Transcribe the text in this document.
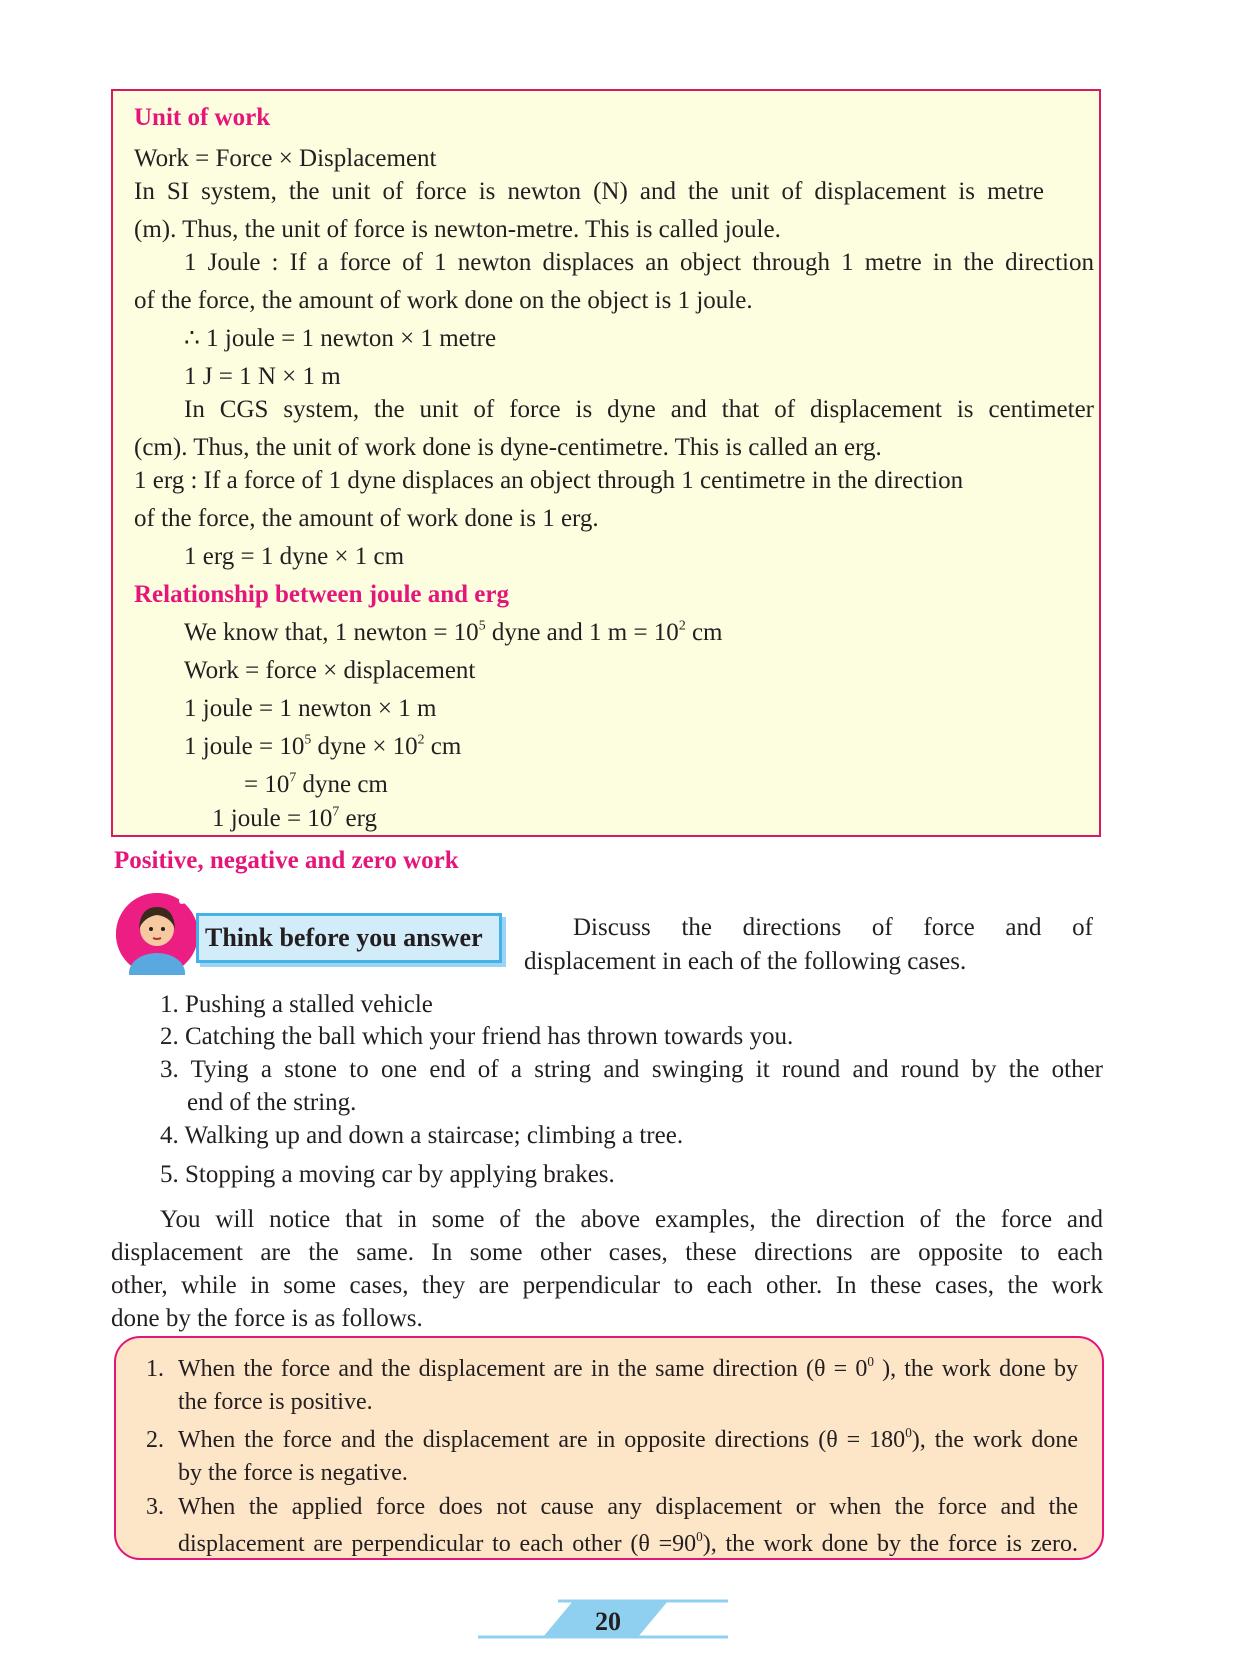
Unit of work
Work = Force × Displacement
In SI system, the unit of force is newton (N) and the unit of displacement is metre
(m). Thus, the unit of force is newton-metre. This is called joule.
1 Joule : If a force of 1 newton displaces an object through 1 metre in the direction
of the force, the amount of work done on the object is 1 joule.
∴ 1 joule = 1 newton × 1 metre
1 J = 1 N × 1 m
In CGS system, the unit of force is dyne and that of displacement is centimeter
(cm). Thus, the unit of work done is dyne-centimetre. This is called an erg.
1 erg : If a force of 1 dyne displaces an object through 1 centimetre in the direction
of the force, the amount of work done is 1 erg.
1 erg = 1 dyne × 1 cm
Relationship between joule and erg
We know that, 1 newton = $10^5$ dyne and 1 $m = 10^2$ cm
Work = force × displacement
1 joule = 1 newton × 1 m
1 joule = $10^5$ dyne × $10^2$ cm
= $10^7$ dyne cm
1 joule = $10^7$ erg
Positive, negative and zero work
Think before you answer	Discuss the directions of force and of
displacement in each of the following cases.
1. Pushing a stalled vehicle
2. Catching the ball which your friend has thrown towards you.
3. Tying a stone to one end of a string and swinging it round and round by the other
end of the string.
4. Walking up and down a staircase; climbing a tree.
5. Stopping a moving car by applying brakes.
You will notice that in some of the above examples, the direction of the force and
displacement are the same. In some other cases, these directions are opposite to each
other, while in some cases, they are perpendicular to each other. In these cases, the work
done by the force is as follows.
1. When the force and the displacement are in the same direction ($\theta = 0^0$ ), the work done by
the force is positive.
2. When the force and the displacement are in opposite directions $(\theta = 180^0)$, the work done
by the force is negative.
3. When the applied force does not cause any displacement or when the force and the
displacement are perpendicular to each other $(\theta =90^0)$, the work done by the force is zero.
20
